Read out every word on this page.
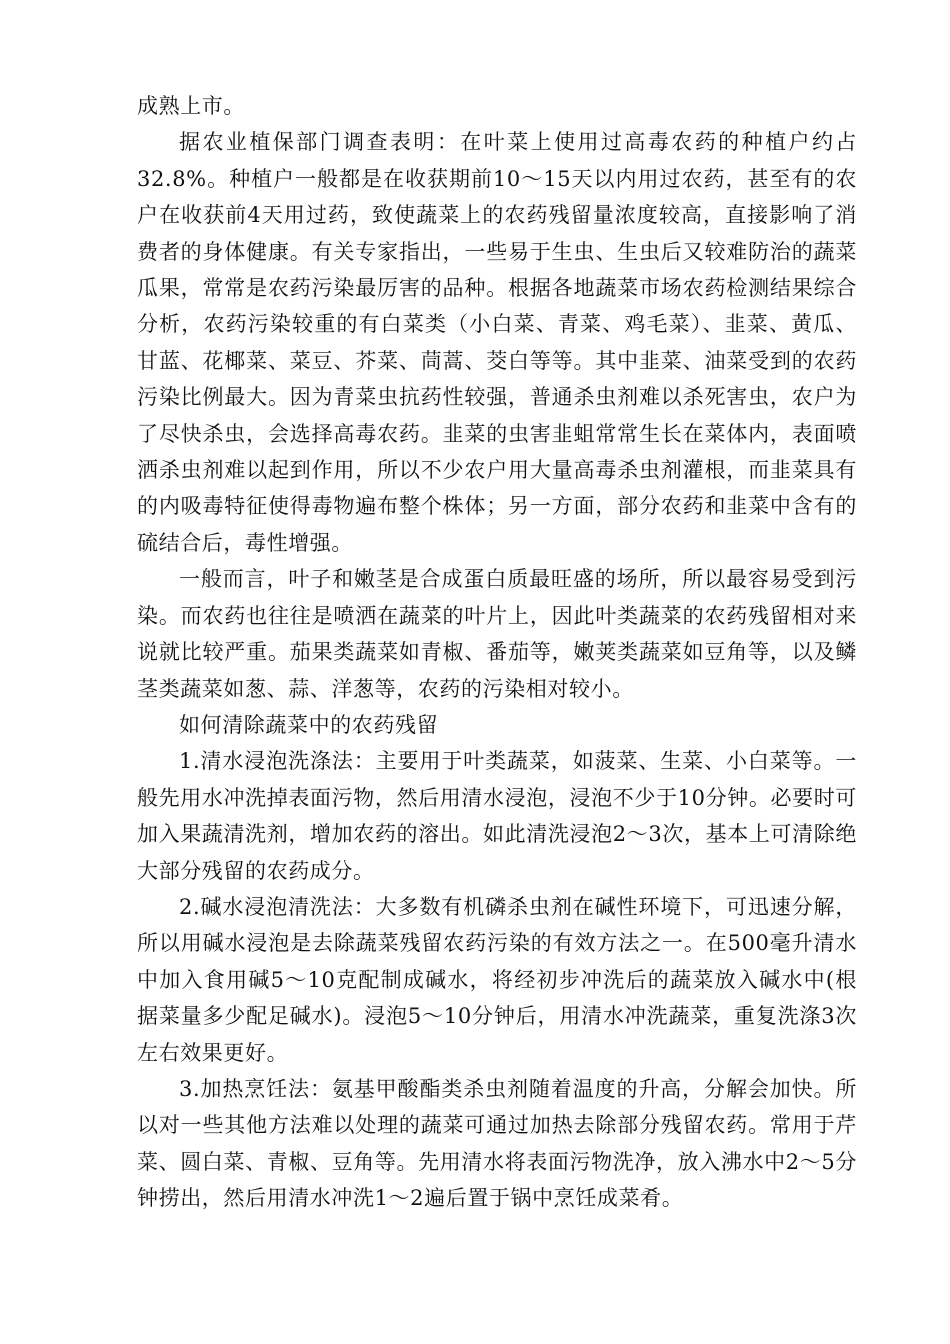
成熟上市。

据农业植保部门调查表明：在叶菜上使用过高毒农药的种植户约占32.8%。种植户一般都是在收获期前10～15天以内用过农药，甚至有的农户在收获前4天用过药，致使蔬菜上的农药残留量浓度较高，直接影响了消费者的身体健康。有关专家指出，一些易于生虫、生虫后又较难防治的蔬菜瓜果，常常是农药污染最厉害的品种。根据各地蔬菜市场农药检测结果综合分析，农药污染较重的有白菜类（小白菜、青菜、鸡毛菜）、韭菜、黄瓜、甘蓝、花椰菜、菜豆、芥菜、茼蒿、茭白等等。其中韭菜、油菜受到的农药污染比例最大。因为青菜虫抗药性较强，普通杀虫剂难以杀死害虫，农户为了尽快杀虫，会选择高毒农药。韭菜的虫害韭蛆常常生长在菜体内，表面喷洒杀虫剂难以起到作用，所以不少农户用大量高毒杀虫剂灌根，而韭菜具有的内吸毒特征使得毒物遍布整个株体；另一方面，部分农药和韭菜中含有的硫结合后，毒性增强。

一般而言，叶子和嫩茎是合成蛋白质最旺盛的场所，所以最容易受到污染。而农药也往往是喷洒在蔬菜的叶片上，因此叶类蔬菜的农药残留相对来说就比较严重。茄果类蔬菜如青椒、番茄等，嫩荚类蔬菜如豆角等，以及鳞茎类蔬菜如葱、蒜、洋葱等，农药的污染相对较小。

如何清除蔬菜中的农药残留

1.清水浸泡洗涤法：主要用于叶类蔬菜，如菠菜、生菜、小白菜等。一般先用水冲洗掉表面污物，然后用清水浸泡，浸泡不少于10分钟。必要时可加入果蔬清洗剂，增加农药的溶出。如此清洗浸泡2～3次，基本上可清除绝大部分残留的农药成分。

2.碱水浸泡清洗法：大多数有机磷杀虫剂在碱性环境下，可迅速分解，所以用碱水浸泡是去除蔬菜残留农药污染的有效方法之一。在500毫升清水中加入食用碱5～10克配制成碱水，将经初步冲洗后的蔬菜放入碱水中(根据菜量多少配足碱水)。浸泡5～10分钟后，用清水冲洗蔬菜，重复洗涤3次左右效果更好。

3.加热烹饪法：氨基甲酸酯类杀虫剂随着温度的升高，分解会加快。所以对一些其他方法难以处理的蔬菜可通过加热去除部分残留农药。常用于芹菜、圆白菜、青椒、豆角等。先用清水将表面污物洗净，放入沸水中2～5分钟捞出，然后用清水冲洗1～2遍后置于锅中烹饪成菜肴。
